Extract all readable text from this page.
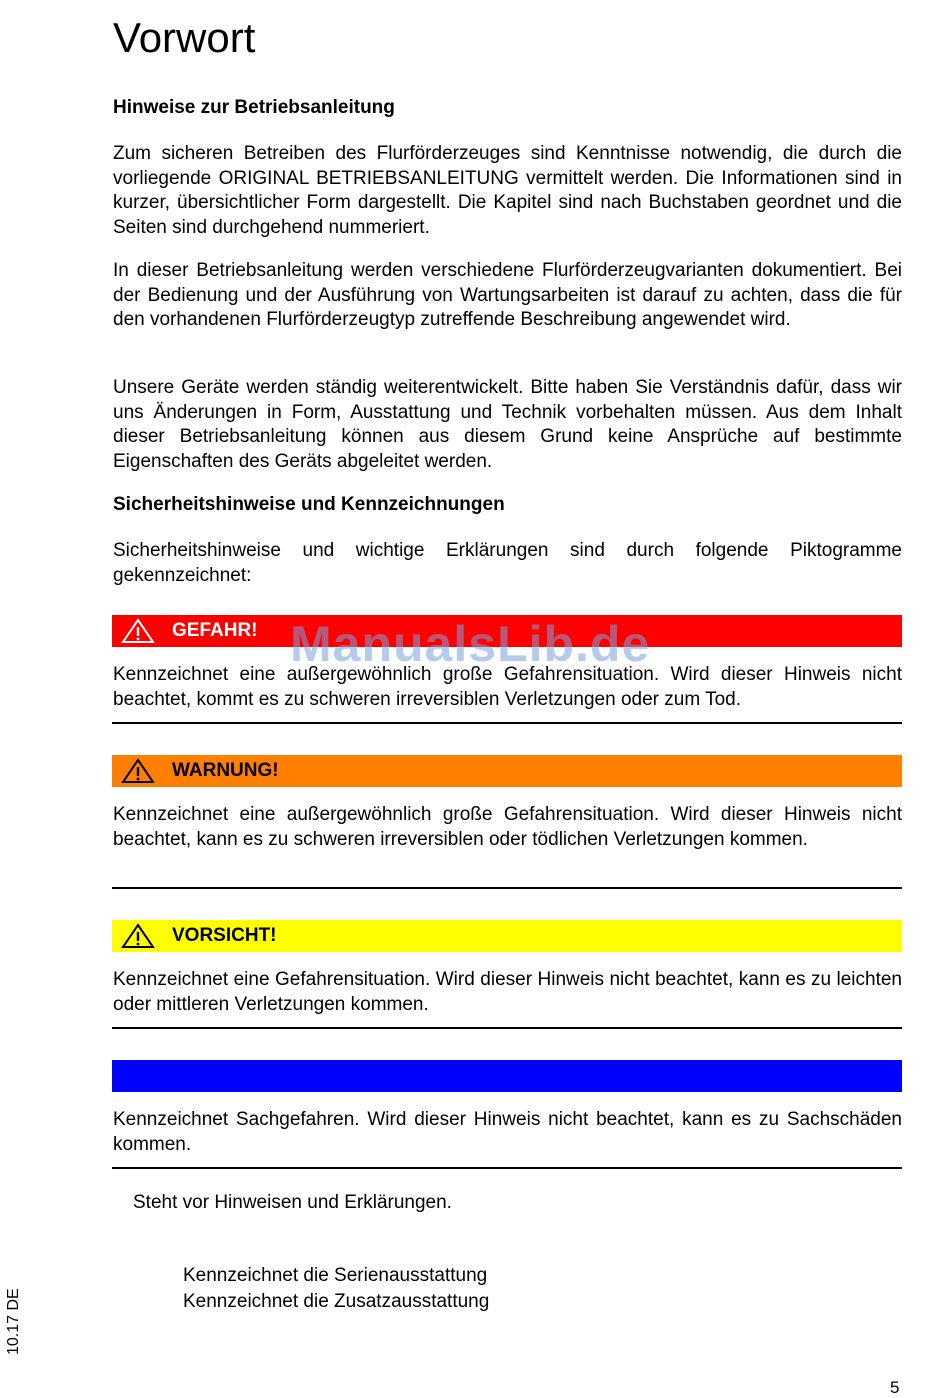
Vorwort
Hinweise zur Betriebsanleitung

Zum sicheren Betreiben des Flurförderzeuges sind Kenntnisse notwendig, die durch die vorliegende ORIGINAL BETRIEBSANLEITUNG vermittelt werden. Die Informationen sind in kurzer, übersichtlicher Form dargestellt. Die Kapitel sind nach Buchstaben geordnet und die Seiten sind durchgehend nummeriert.

In dieser Betriebsanleitung werden verschiedene Flurförderzeugvarianten dokumentiert. Bei der Bedienung und der Ausführung von Wartungsarbeiten ist darauf zu achten, dass die für den vorhandenen Flurförderzeugtyp zutreffende Beschreibung angewendet wird.

Unsere Geräte werden ständig weiterentwickelt. Bitte haben Sie Verständnis dafür, dass wir uns Änderungen in Form, Ausstattung und Technik vorbehalten müssen. Aus dem Inhalt dieser Betriebsanleitung können aus diesem Grund keine Ansprüche auf bestimmte Eigenschaften des Geräts abgeleitet werden.

Sicherheitshinweise und Kennzeichnungen

Sicherheitshinweise und wichtige Erklärungen sind durch folgende Piktogramme gekennzeichnet:

GEFAHR! ManualsLib.de

Kennzeichnet eine außergewöhnlich große Gefahrensituation. Wird dieser Hinweis nicht beachtet, kommt es zu schweren irreversiblen Verletzungen oder zum Tod.

WARNUNG!

Kennzeichnet eine außergewöhnlich große Gefahrensituation. Wird dieser Hinweis nicht beachtet, kann es zu schweren irreversiblen oder tödlichen Verletzungen kommen.

VORSICHT!

Kennzeichnet eine Gefahrensituation. Wird dieser Hinweis nicht beachtet, kann es zu leichten oder mittleren Verletzungen kommen.

Kennzeichnet Sachgefahren. Wird dieser Hinweis nicht beachtet, kann es zu Sachschäden kommen.

Steht vor Hinweisen und Erklärungen.
Kennzeichnet die Serienausstattung
Kennzeichnet die Zusatzausstattung
10.17 DE
5
